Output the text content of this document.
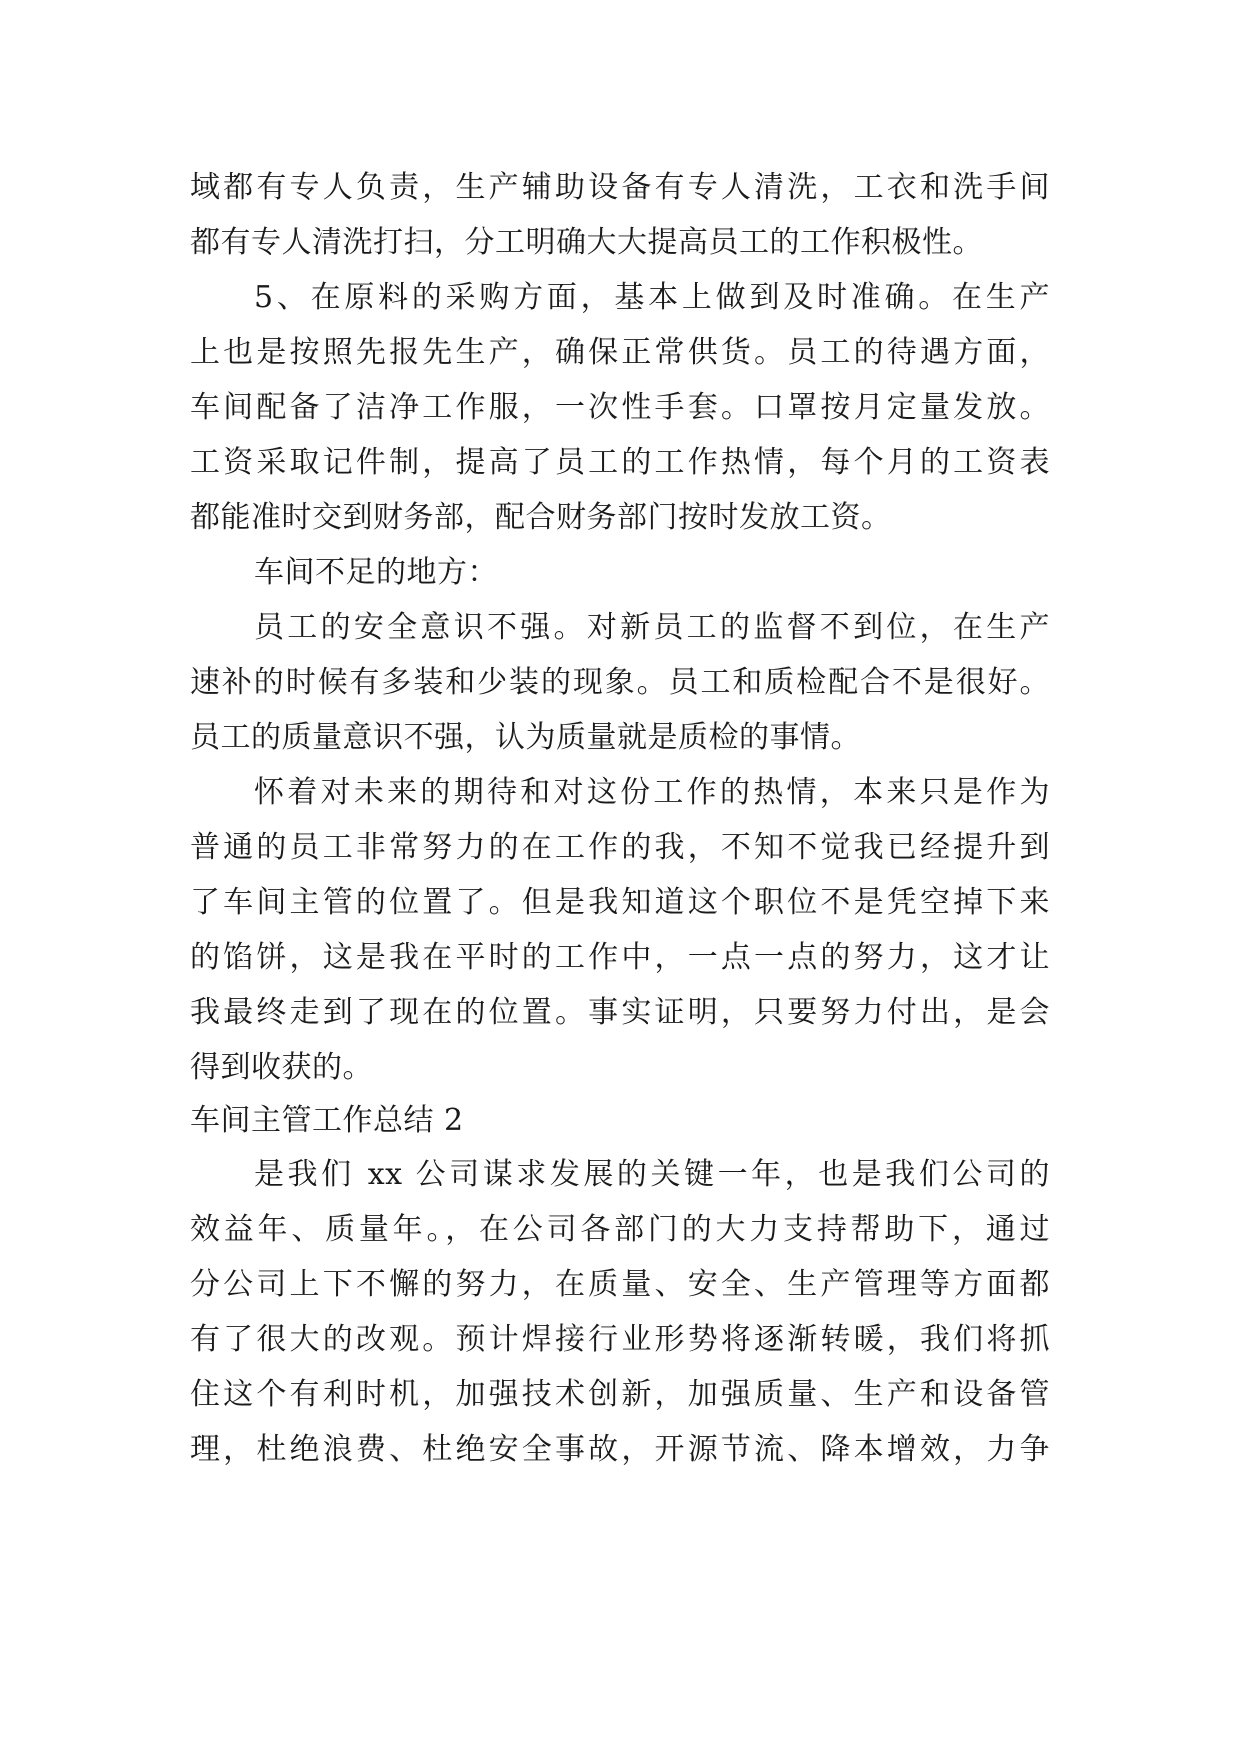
域都有专人负责，生产辅助设备有专人清洗，工衣和洗手间
都有专人清洗打扫，分工明确大大提高员工的工作积极性。
5、在原料的采购方面，基本上做到及时准确。在生产
上也是按照先报先生产，确保正常供货。员工的待遇方面，
车间配备了洁净工作服，一次性手套。口罩按月定量发放。
工资采取记件制，提高了员工的工作热情，每个月的工资表
都能准时交到财务部，配合财务部门按时发放工资。
车间不足的地方：
员工的安全意识不强。对新员工的监督不到位，在生产
速补的时候有多装和少装的现象。员工和质检配合不是很好。
员工的质量意识不强，认为质量就是质检的事情。
怀着对未来的期待和对这份工作的热情，本来只是作为
普通的员工非常努力的在工作的我，不知不觉我已经提升到
了车间主管的位置了。但是我知道这个职位不是凭空掉下来
的馅饼，这是我在平时的工作中，一点一点的努力，这才让
我最终走到了现在的位置。事实证明，只要努力付出，是会
得到收获的。
车间主管工作总结 2
是我们 xx 公司谋求发展的关键一年，也是我们公司的
效益年、质量年。，在公司各部门的大力支持帮助下，通过
分公司上下不懈的努力，在质量、安全、生产管理等方面都
有了很大的改观。预计焊接行业形势将逐渐转暖，我们将抓
住这个有利时机，加强技术创新，加强质量、生产和设备管
理，杜绝浪费、杜绝安全事故，开源节流、降本增效，力争
